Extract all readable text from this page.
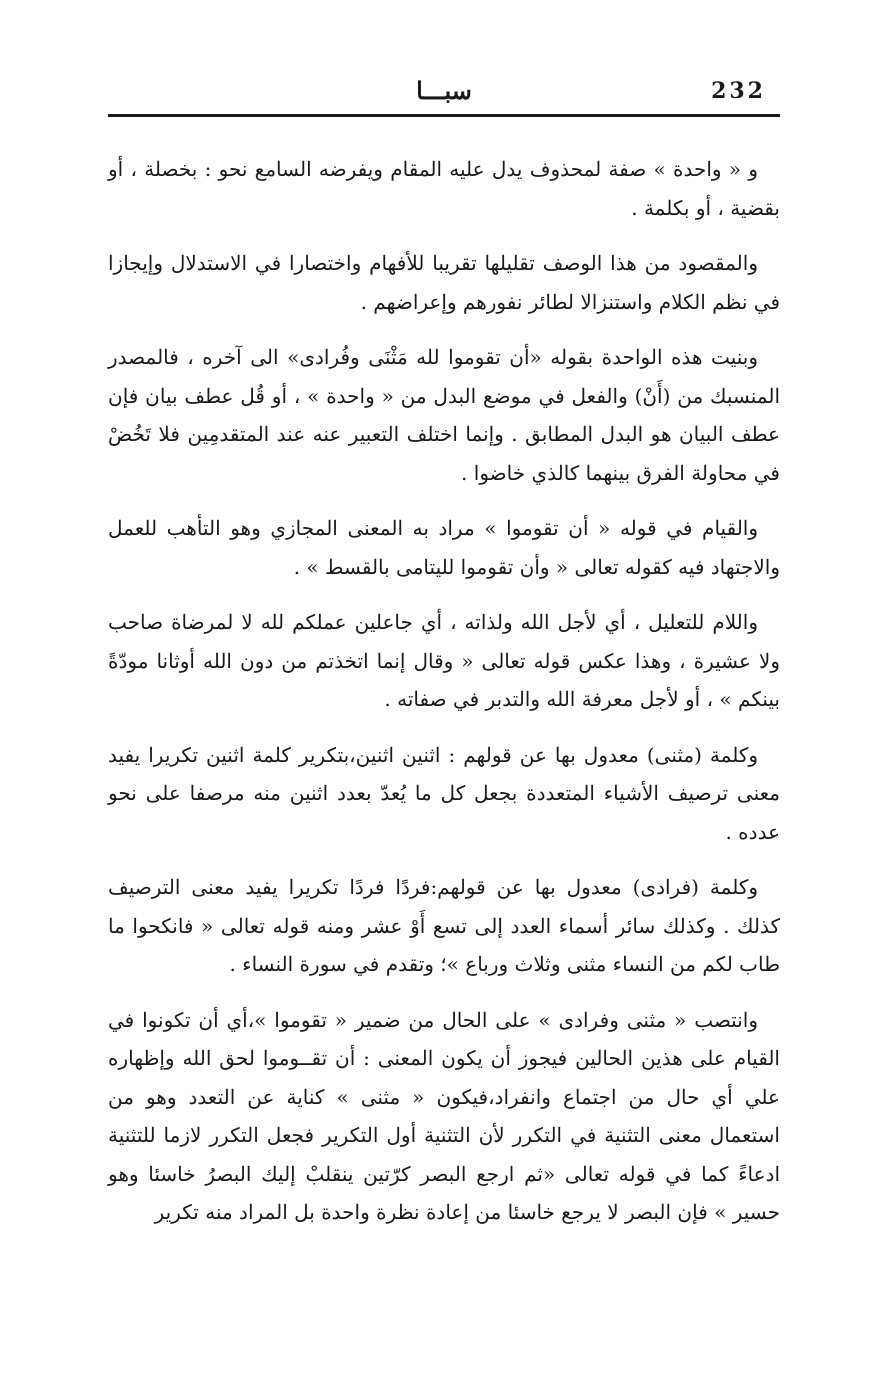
232
سبـــا

و « واحدة » صفة لمحذوف يدل عليه المقام ويفرضه السامع نحو : بخصلة ، أو بقضية ، أو بكلمة .

والمقصود من هذا الوصف تقليلها تقريبا للأفهام واختصارا في الاستدلال وإيجازا في نظم الكلام واستنزالا لطائر نفورهم وإعراضهم .

وبنيت هذه الواحدة بقوله «أن تقوموا لله مَثْنَى وفُرادى» الى آخره ، فالمصدر المنسبك من (أَنْ) والفعل في موضع البدل من « واحدة » ، أو قُل عطف بيان فإن عطف البيان هو البدل المطابق . وإنما اختلف التعبير عنه عند المتقدمِين فلا تَخُضْ في محاولة الفرق بينهما كالذي خاضوا .

والقيام في قوله « أن تقوموا » مراد به المعنى المجازي وهو التأهب للعمل والاجتهاد فيه كقوله تعالى « وأن تقوموا لليتامى بالقسط » .

واللام للتعليل ، أي لأجل الله ولذاته ، أي جاعلين عملكم لله لا لمرضاة صاحب ولا عشيرة ، وهذا عكس قوله تعالى « وقال إنما اتخذتم من دون الله أوثانا مودّةً بينكم » ، أو لأجل معرفة الله والتدبر في صفاته .

وكلمة (مثنى) معدول بها عن قولهم : اثنين اثنين،بتكرير كلمة اثنين تكريرا يفيد معنى ترصيف الأشياء المتعددة بجعل كل ما يُعدّ بعدد اثنين منه مرصفا على نحو عدده .

وكلمة (فرادى) معدول بها عن قولهم:فردًا فردًا تكريرا يفيد معنى الترصيف كذلك . وكذلك سائر أسماء العدد إلى تسع أَوْ عشر ومنه قوله تعالى « فانكحوا ما طاب لكم من النساء مثنى وثلاث ورباع »؛ وتقدم في سورة النساء .

وانتصب « مثنى وفرادى » على الحال من ضمير « تقوموا »،أي أن تكونوا في القيام على هذين الحالين فيجوز أن يكون المعنى : أن تقــوموا لحق الله وإظهاره علي أي حال من اجتماع وانفراد،فيكون « مثنى » كناية عن التعدد وهو من استعمال معنى التثنية في التكرر لأن التثنية أول التكرير فجعل التكرر لازما للتثنية ادعاءً كما في قوله تعالى «ثم ارجع البصر كرّتين ينقلبْ إليك البصرُ خاسئا وهو حسير » فإن البصر لا يرجع خاسئا من إعادة نظرة واحدة بل المراد منه تكرير
